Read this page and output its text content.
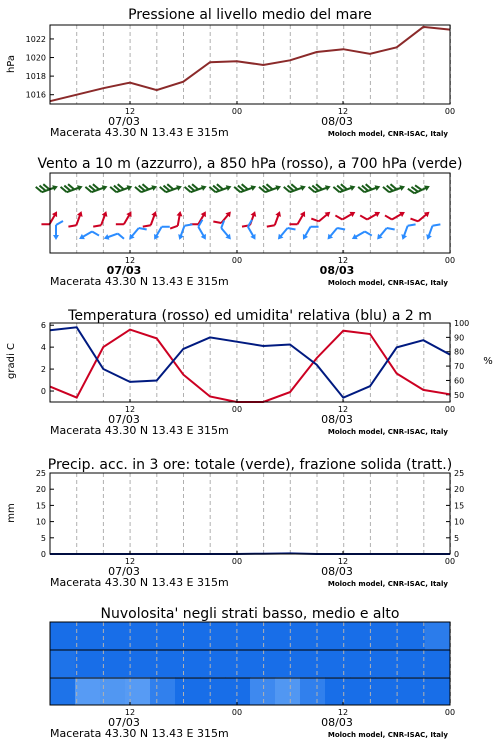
Pressione al livello medio del mare
hPa
1016
1018
1020
1022
12	00	12	00
07/03	08/03
Macerata 43.30 N 13.43 E 315m	Moloch model, CNR-ISAC, Italy
Vento a 10 m (azzurro), a 850 hPa (rosso), a 700 hPa (verde)
12	00	12	00
07/03	08/03
Macerata 43.30 N 13.43 E 315m	Moloch model, CNR-ISAC, Italy
Temperatura (rosso) ed umidita' relativa (blu) a 2 m
gradi C	%
0
2
4
6
50
60
70
80
90
100
12	00	12	00
07/03	08/03
Macerata 43.30 N 13.43 E 315m	Moloch model, CNR-ISAC, Italy
Precip. acc. in 3 ore: totale (verde), frazione solida (tratt.)
mm
0
5
10
15
20
25
0
5
10
15
20
25
12	00	12	00
07/03	08/03
Macerata 43.30 N 13.43 E 315m	Moloch model, CNR-ISAC, Italy
Nuvolosita' negli strati basso, medio e alto
12	00	12	00
07/03	08/03
Macerata 43.30 N 13.43 E 315m	Moloch model, CNR-ISAC, Italy
